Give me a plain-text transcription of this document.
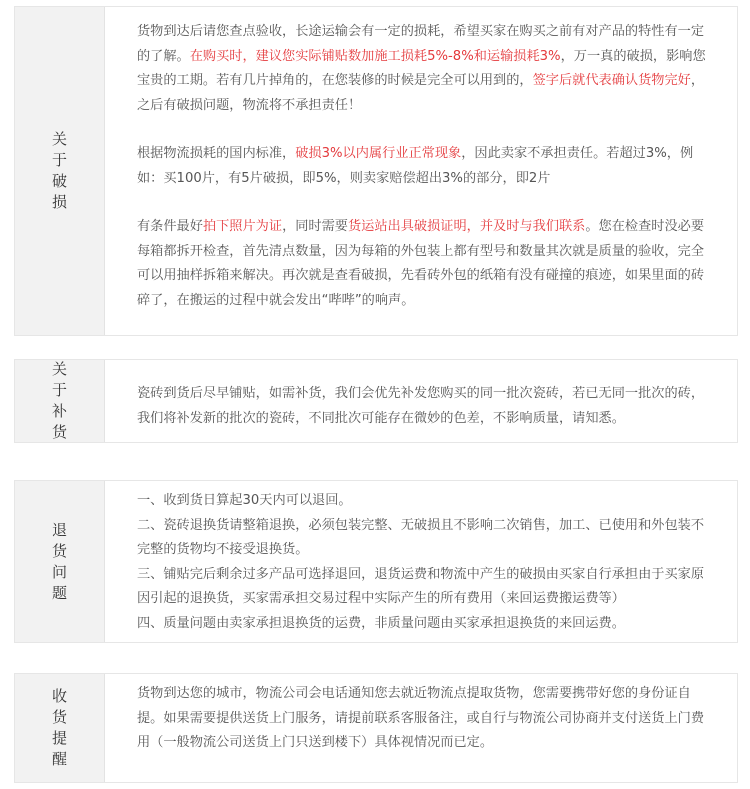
关于破损

货物到达后请您查点验收，长途运输会有一定的损耗，希望买家在购买之前有对产品的特性有一定的了解。在购买时，建议您实际铺贴数加施工损耗5%-8%和运输损耗3%，万一真的破损，影响您宝贵的工期。若有几片掉角的，在您装修的时候是完全可以用到的，签字后就代表确认货物完好，之后有破损问题，物流将不承担责任！

根据物流损耗的国内标准，破损3%以内属行业正常现象，因此卖家不承担责任。若超过3%，例如：买100片，有5片破损，即5%，则卖家赔偿超出3%的部分，即2片

有条件最好拍下照片为证，同时需要货运站出具破损证明，并及时与我们联系。您在检查时没必要每箱都拆开检查，首先清点数量，因为每箱的外包装上都有型号和数量其次就是质量的验收，完全可以用抽样拆箱来解决。再次就是查看破损，先看砖外包的纸箱有没有碰撞的痕迹，如果里面的砖碎了，在搬运的过程中就会发出“哔哔”的响声。

关于补货

瓷砖到货后尽早铺贴，如需补货，我们会优先补发您购买的同一批次瓷砖，若已无同一批次的砖，我们将补发新的批次的瓷砖，不同批次可能存在微妙的色差，不影响质量，请知悉。

退货问题

一、收到货日算起30天内可以退回。

二、瓷砖退换货请整箱退换，必须包装完整、无破损且不影响二次销售，加工、已使用和外包装不完整的货物均不接受退换货。

三、铺贴完后剩余过多产品可选择退回，退货运费和物流中产生的破损由买家自行承担由于买家原因引起的退换货，买家需承担交易过程中实际产生的所有费用（来回运费搬运费等）

四、质量问题由卖家承担退换货的运费，非质量问题由买家承担退换货的来回运费。

收货提醒

货物到达您的城市，物流公司会电话通知您去就近物流点提取货物，您需要携带好您的身份证自提。如果需要提供送货上门服务，请提前联系客服备注，或自行与物流公司协商并支付送货上门费用（一般物流公司送货上门只送到楼下）具体视情况而已定。
